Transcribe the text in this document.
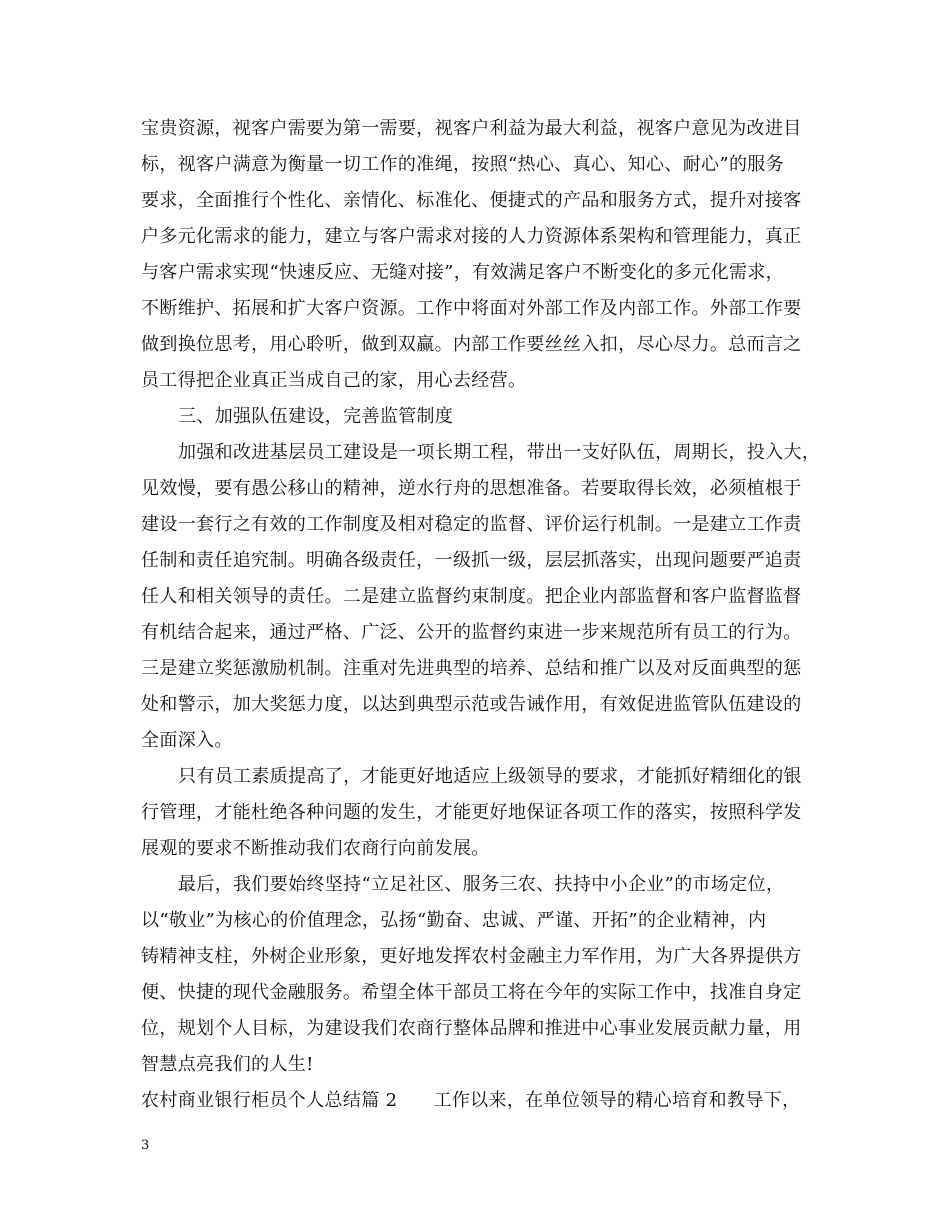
宝贵资源，视客户需要为第一需要，视客户利益为最大利益，视客户意见为改进目
标，视客户满意为衡量一切工作的准绳，按照“热心、真心、知心、耐心”的服务
要求，全面推行个性化、亲情化、标准化、便捷式的产品和服务方式，提升对接客
户多元化需求的能力，建立与客户需求对接的人力资源体系架构和管理能力，真正
与客户需求实现“快速反应、无缝对接”，有效满足客户不断变化的多元化需求，
不断维护、拓展和扩大客户资源。工作中将面对外部工作及内部工作。外部工作要
做到换位思考，用心聆听，做到双赢。内部工作要丝丝入扣，尽心尽力。总而言之
员工得把企业真正当成自己的家，用心去经营。
三、加强队伍建设，完善监管制度
加强和改进基层员工建设是一项长期工程，带出一支好队伍，周期长，投入大，
见效慢，要有愚公移山的精神，逆水行舟的思想准备。若要取得长效，必须植根于
建设一套行之有效的工作制度及相对稳定的监督、评价运行机制。一是建立工作责
任制和责任追究制。明确各级责任，一级抓一级，层层抓落实，出现问题要严追责
任人和相关领导的责任。二是建立监督约束制度。把企业内部监督和客户监督监督
有机结合起来，通过严格、广泛、公开的监督约束进一步来规范所有员工的行为。
三是建立奖惩激励机制。注重对先进典型的培养、总结和推广以及对反面典型的惩
处和警示，加大奖惩力度，以达到典型示范或告诫作用，有效促进监管队伍建设的
全面深入。
只有员工素质提高了，才能更好地适应上级领导的要求，才能抓好精细化的银
行管理，才能杜绝各种问题的发生，才能更好地保证各项工作的落实，按照科学发
展观的要求不断推动我们农商行向前发展。
最后，我们要始终坚持“立足社区、服务三农、扶持中小企业”的市场定位，
以“敬业”为核心的价值理念，弘扬“勤奋、忠诚、严谨、开拓”的企业精神，内
铸精神支柱，外树企业形象，更好地发挥农村金融主力军作用，为广大各界提供方
便、快捷的现代金融服务。希望全体干部员工将在今年的实际工作中，找准自身定
位，规划个人目标，为建设我们农商行整体品牌和推进中心事业发展贡献力量，用
智慧点亮我们的人生!
农村商业银行柜员个人总结篇 2 工作以来，在单位领导的精心培育和教导下，
3
